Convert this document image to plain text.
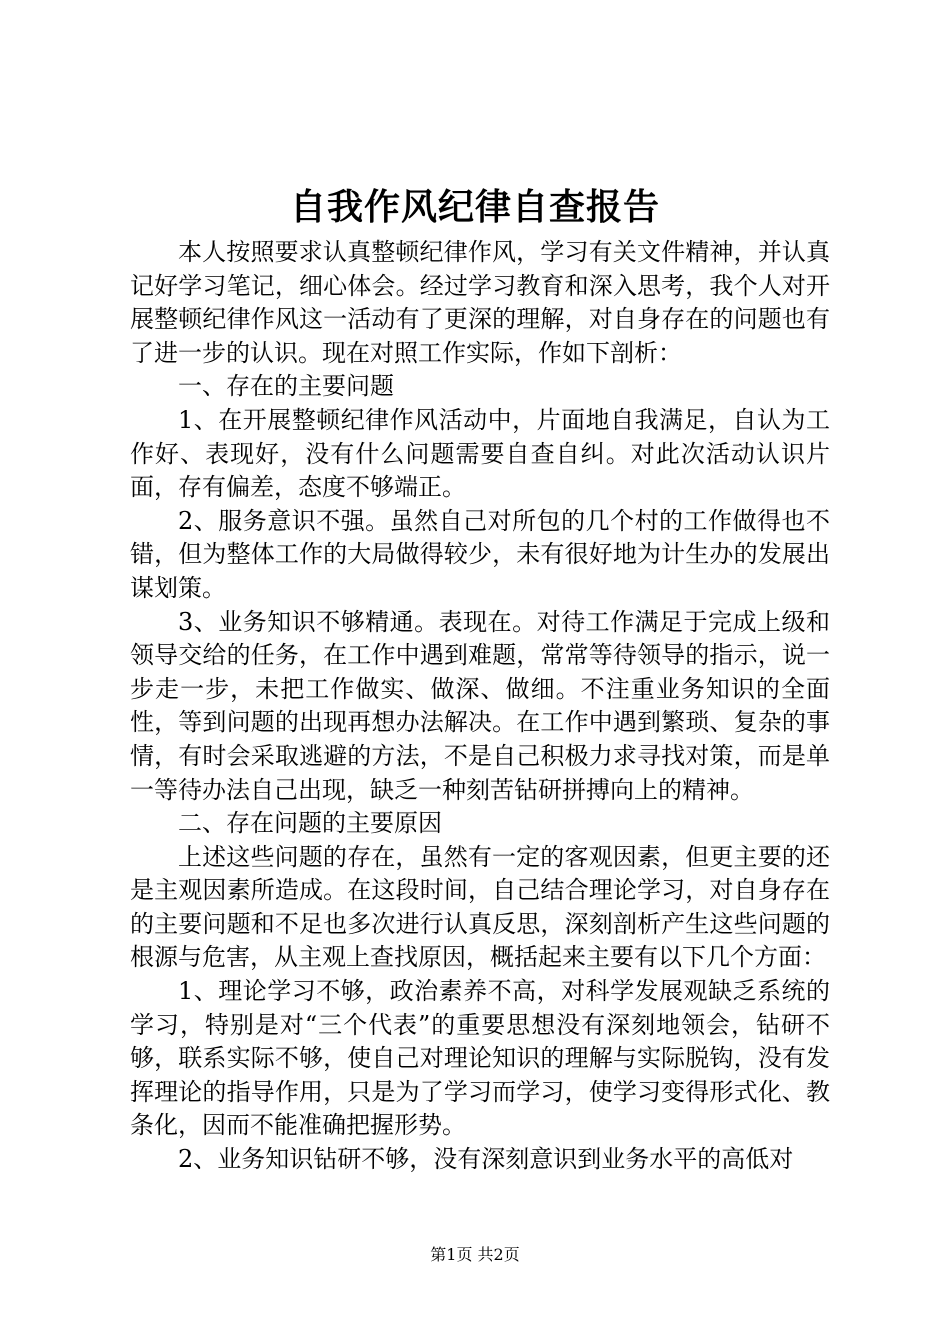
自我作风纪律自查报告

本人按照要求认真整顿纪律作风，学习有关文件精神，并认真记好学习笔记，细心体会。经过学习教育和深入思考，我个人对开展整顿纪律作风这一活动有了更深的理解，对自身存在的问题也有了进一步的认识。现在对照工作实际，作如下剖析：

一、存在的主要问题

1、在开展整顿纪律作风活动中，片面地自我满足，自认为工作好、表现好，没有什么问题需要自查自纠。对此次活动认识片面，存有偏差，态度不够端正。

2、服务意识不强。虽然自己对所包的几个村的工作做得也不错，但为整体工作的大局做得较少，未有很好地为计生办的发展出谋划策。

3、业务知识不够精通。表现在。对待工作满足于完成上级和领导交给的任务，在工作中遇到难题，常常等待领导的指示，说一步走一步，未把工作做实、做深、做细。不注重业务知识的全面性，等到问题的出现再想办法解决。在工作中遇到繁琐、复杂的事情，有时会采取逃避的方法，不是自己积极力求寻找对策，而是单一等待办法自己出现，缺乏一种刻苦钻研拼搏向上的精神。

二、存在问题的主要原因

上述这些问题的存在，虽然有一定的客观因素，但更主要的还是主观因素所造成。在这段时间，自己结合理论学习，对自身存在的主要问题和不足也多次进行认真反思，深刻剖析产生这些问题的根源与危害，从主观上查找原因，概括起来主要有以下几个方面：

1、理论学习不够，政治素养不高，对科学发展观缺乏系统的学习，特别是对“三个代表”的重要思想没有深刻地领会，钻研不够，联系实际不够，使自己对理论知识的理解与实际脱钩，没有发挥理论的指导作用，只是为了学习而学习，使学习变得形式化、教条化，因而不能准确把握形势。

2、业务知识钻研不够，没有深刻意识到业务水平的高低对

第1页 共2页
